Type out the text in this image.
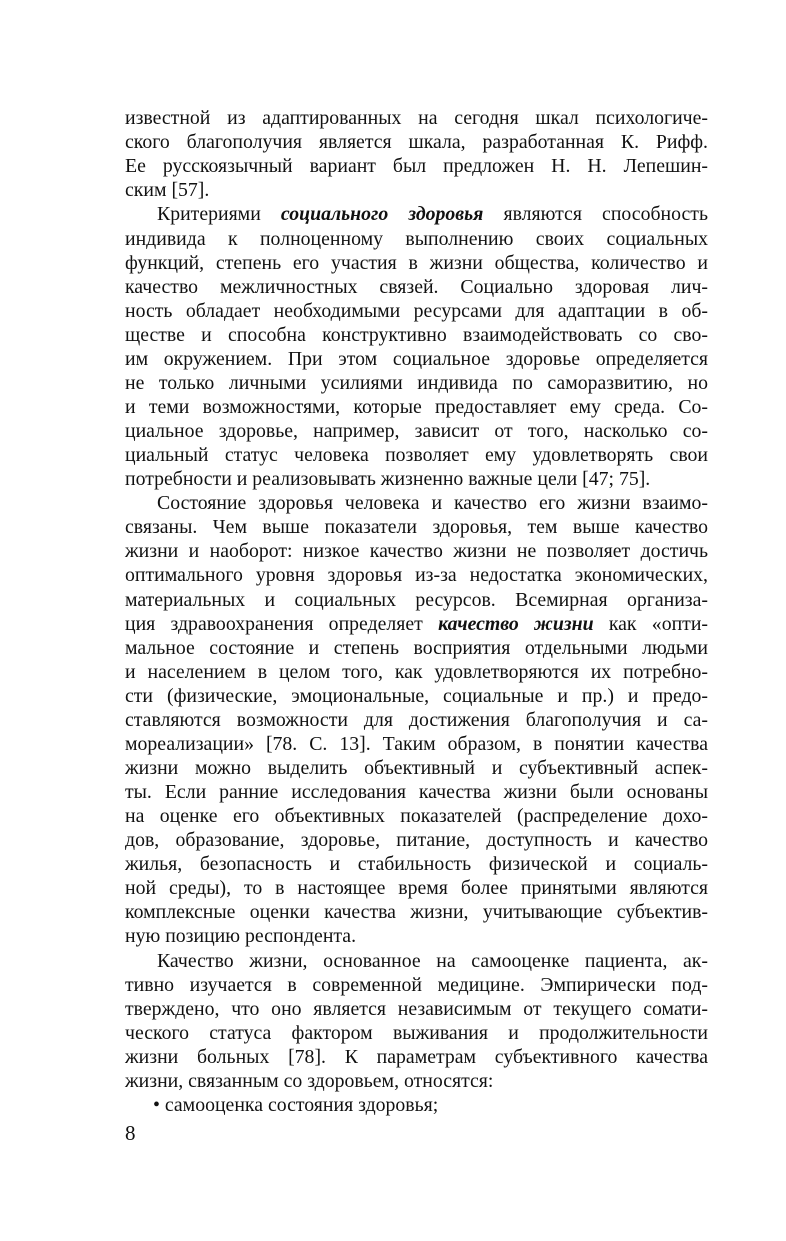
известной из адаптированных на сегодня шкал психологиче-
ского благополучия является шкала, разработанная К. Рифф.
Ее русскоязычный вариант был предложен Н. Н. Лепешин-
ским [57].
Критериями социального здоровья являются способность
индивида к полноценному выполнению своих социальных
функций, степень его участия в жизни общества, количество и
качество межличностных связей. Социально здоровая лич-
ность обладает необходимыми ресурсами для адаптации в об-
ществе и способна конструктивно взаимодействовать со сво-
им окружением. При этом социальное здоровье определяется
не только личными усилиями индивида по саморазвитию, но
и теми возможностями, которые предоставляет ему среда. Со-
циальное здоровье, например, зависит от того, насколько со-
циальный статус человека позволяет ему удовлетворять свои
потребности и реализовывать жизненно важные цели [47; 75].
Состояние здоровья человека и качество его жизни взаимо-
связаны. Чем выше показатели здоровья, тем выше качество
жизни и наоборот: низкое качество жизни не позволяет достичь
оптимального уровня здоровья из-за недостатка экономических,
материальных и социальных ресурсов. Всемирная организа-
ция здравоохранения определяет качество жизни как «опти-
мальное состояние и степень восприятия отдельными людьми
и населением в целом того, как удовлетворяются их потребно-
сти (физические, эмоциональные, социальные и пр.) и предо-
ставляются возможности для достижения благополучия и са-
мореализации» [78. С. 13]. Таким образом, в понятии качества
жизни можно выделить объективный и субъективный аспек-
ты. Если ранние исследования качества жизни были основаны
на оценке его объективных показателей (распределение дохо-
дов, образование, здоровье, питание, доступность и качество
жилья, безопасность и стабильность физической и социаль-
ной среды), то в настоящее время более принятыми являются
комплексные оценки качества жизни, учитывающие субъектив-
ную позицию респондента.
Качество жизни, основанное на самооценке пациента, ак-
тивно изучается в современной медицине. Эмпирически под-
тверждено, что оно является независимым от текущего сомати-
ческого статуса фактором выживания и продолжительности
жизни больных [78]. К параметрам субъективного качества
жизни, связанным со здоровьем, относятся:
• самооценка состояния здоровья;
8
